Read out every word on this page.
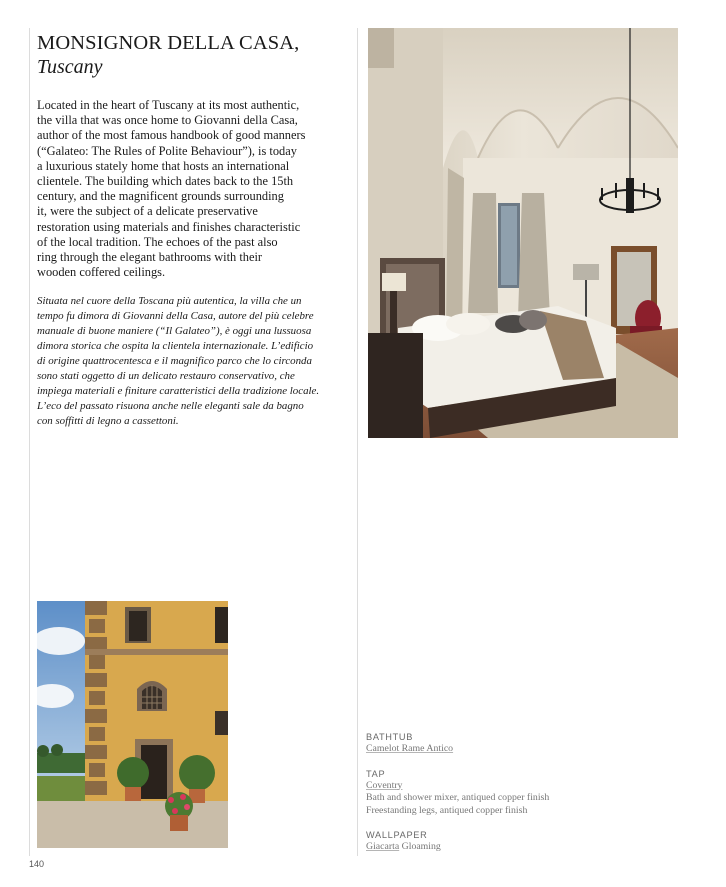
MONSIGNOR DELLA CASA,
Tuscany

Located in the heart of Tuscany at its most authentic,
the villa that was once home to Giovanni della Casa,
author of the most famous handbook of good manners
(“Galateo: The Rules of Polite Behaviour”), is today
a luxurious stately home that hosts an international
clientele. The building which dates back to the 15th
century, and the magnificent grounds surrounding
it, were the subject of a delicate preservative
restoration using materials and finishes characteristic
of the local tradition. The echoes of the past also
ring through the elegant bathrooms with their
wooden coffered ceilings.

Situata nel cuore della Toscana più autentica, la villa che un
tempo fu dimora di Giovanni della Casa, autore del più celebre
manuale di buone maniere (“Il Galateo”), è oggi una lussuosa
dimora storica che ospita la clientela internazionale. L’edificio
di origine quattrocentesca e il magnifico parco che lo circonda
sono stati oggetto di un delicato restauro conservativo, che
impiega materiali e finiture caratteristici della tradizione locale.
L’eco del passato risuona anche nelle eleganti sale da bagno
con soffitti di legno a cassettoni.

BATHTUB
Camelot Rame Antico
TAP
Coventry
Bath and shower mixer, antiqued copper finish
Freestanding legs, antiqued copper finish
WALLPAPER
Giacarta Gloaming
140
